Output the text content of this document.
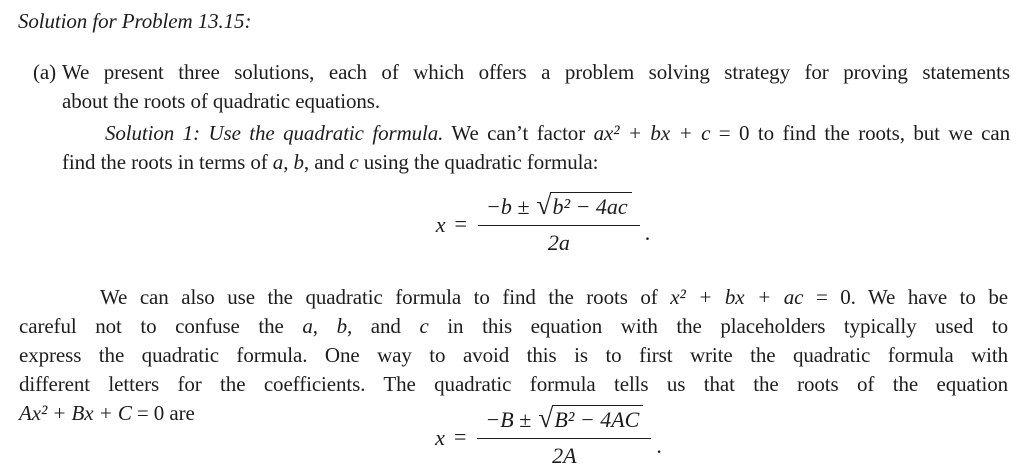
Solution for Problem 13.15:
(a) We present three solutions, each of which offers a problem solving strategy for proving statements
about the roots of quadratic equations.
Solution 1: Use the quadratic formula. We can’t factor ax² + bx + c = 0 to find the roots, but we can
find the roots in terms of a, b, and c using the quadratic formula:
$x = \frac{\text{−b ± √ b² − 4ac}}{2a}$ .
We can also use the quadratic formula to find the roots of x² + bx + ac = 0. We have to be
careful not to confuse the a, b, and c in this equation with the placeholders typically used to
express the quadratic formula. One way to avoid this is to first write the quadratic formula with
different letters for the coefficients. The quadratic formula tells us that the roots of the equation
Ax² + Bx + C = 0 are
$x = \frac{\text{−B ± √ B² − 4AC}}{2A}$ .
